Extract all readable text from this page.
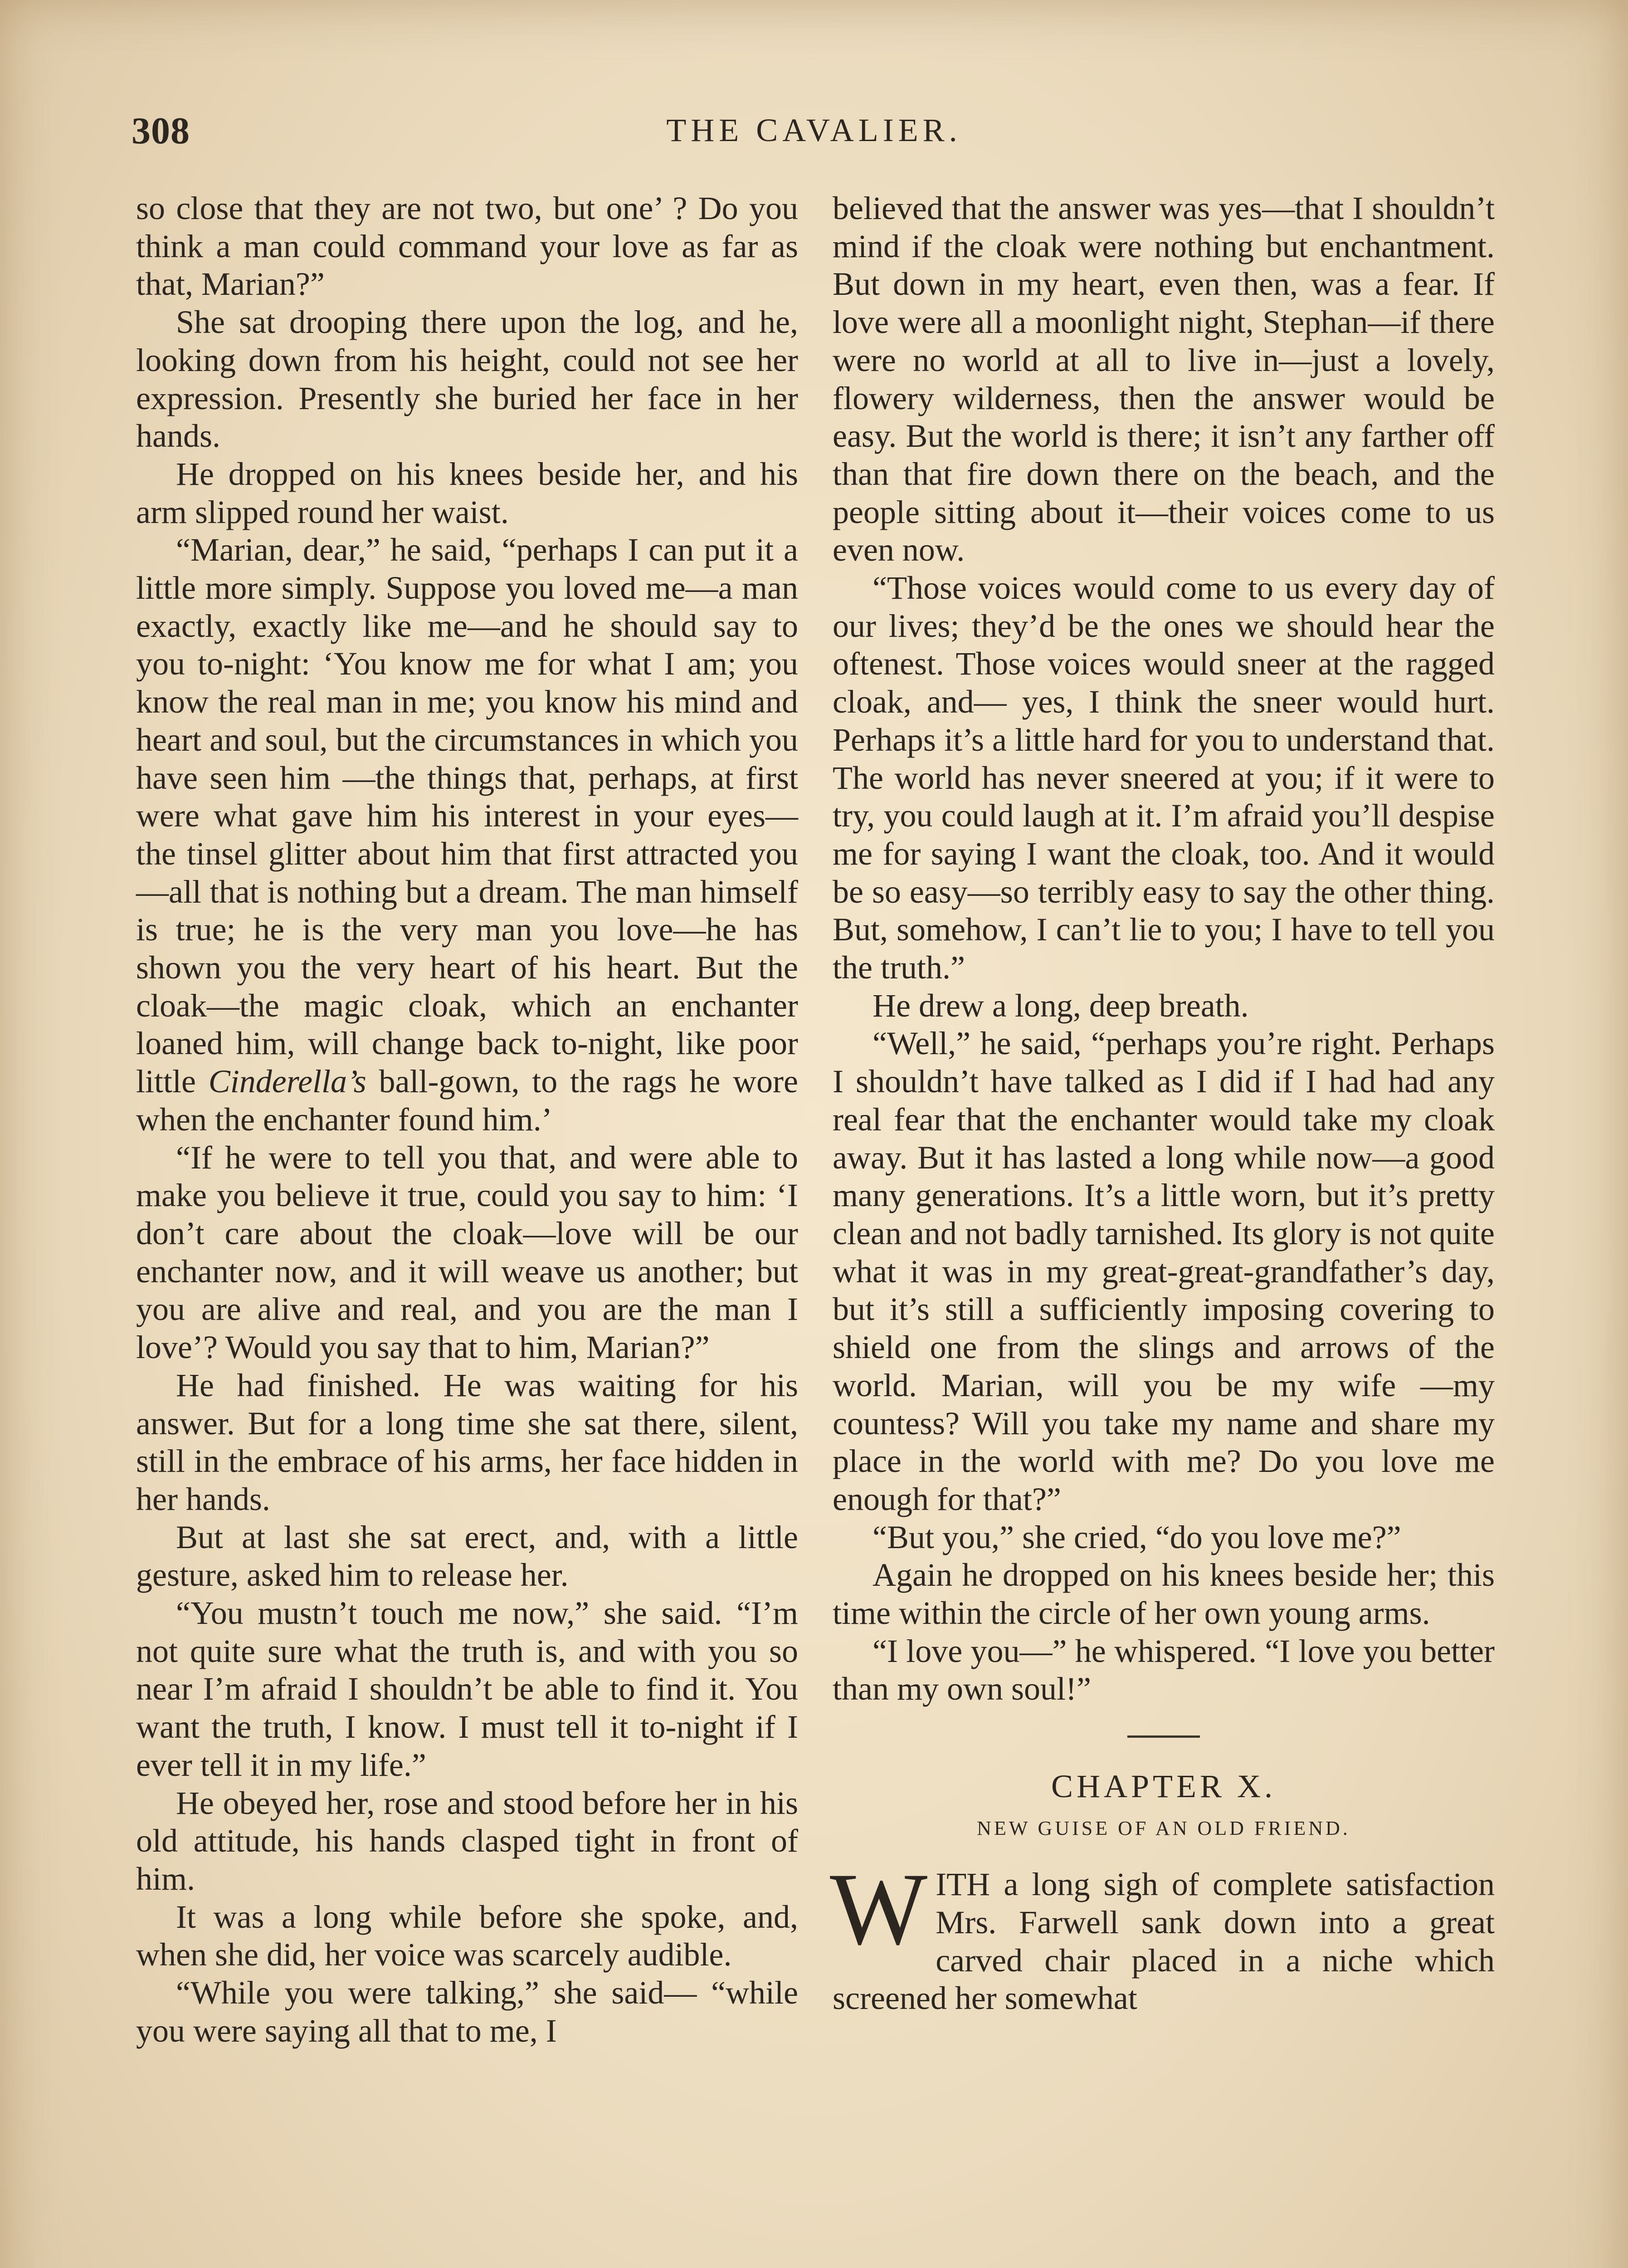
308	THE CAVALIER.

so close that they are not two, but one’ ? Do you think a man could command your love as far as that, Marian?”

She sat drooping there upon the log, and he, looking down from his height, could not see her expression. Presently she buried her face in her hands.

He dropped on his knees beside her, and his arm slipped round her waist.

“Marian, dear,” he said, “perhaps I can put it a little more simply. Suppose you loved me—a man exactly, exactly like me—and he should say to you to-night: ‘You know me for what I am; you know the real man in me; you know his mind and heart and soul, but the circumstances in which you have seen him —the things that, perhaps, at first were what gave him his interest in your eyes— the tinsel glitter about him that first attracted you—all that is nothing but a dream. The man himself is true; he is the very man you love—he has shown you the very heart of his heart. But the cloak—the magic cloak, which an enchanter loaned him, will change back to-night, like poor little Cinderella’s ball-gown, to the rags he wore when the enchanter found him.’

“If he were to tell you that, and were able to make you believe it true, could you say to him: ‘I don’t care about the cloak—love will be our enchanter now, and it will weave us another; but you are alive and real, and you are the man I love’? Would you say that to him, Marian?”

He had finished. He was waiting for his answer. But for a long time she sat there, silent, still in the embrace of his arms, her face hidden in her hands.

But at last she sat erect, and, with a little gesture, asked him to release her.

“You mustn’t touch me now,” she said. “I’m not quite sure what the truth is, and with you so near I’m afraid I shouldn’t be able to find it. You want the truth, I know. I must tell it to-night if I ever tell it in my life.”

He obeyed her, rose and stood before her in his old attitude, his hands clasped tight in front of him.

It was a long while before she spoke, and, when she did, her voice was scarcely audible.

“While you were talking,” she said— “while you were saying all that to me, I

believed that the answer was yes—that I shouldn’t mind if the cloak were nothing but enchantment. But down in my heart, even then, was a fear. If love were all a moonlight night, Stephan—if there were no world at all to live in—just a lovely, flowery wilderness, then the answer would be easy. But the world is there; it isn’t any farther off than that fire down there on the beach, and the people sitting about it—their voices come to us even now.

“Those voices would come to us every day of our lives; they’d be the ones we should hear the oftenest. Those voices would sneer at the ragged cloak, and— yes, I think the sneer would hurt. Perhaps it’s a little hard for you to understand that. The world has never sneered at you; if it were to try, you could laugh at it. I’m afraid you’ll despise me for saying I want the cloak, too. And it would be so easy—so terribly easy to say the other thing. But, somehow, I can’t lie to you; I have to tell you the truth.”

He drew a long, deep breath.

“Well,” he said, “perhaps you’re right. Perhaps I shouldn’t have talked as I did if I had had any real fear that the enchanter would take my cloak away. But it has lasted a long while now—a good many generations. It’s a little worn, but it’s pretty clean and not badly tarnished. Its glory is not quite what it was in my great-great-grandfather’s day, but it’s still a sufficiently imposing covering to shield one from the slings and arrows of the world. Marian, will you be my wife —my countess? Will you take my name and share my place in the world with me? Do you love me enough for that?”

“But you,” she cried, “do you love me?”

Again he dropped on his knees beside her; this time within the circle of her own young arms.

“I love you—” he whispered. “I love you better than my own soul!”

CHAPTER X.
NEW GUISE OF AN OLD FRIEND.

WITH a long sigh of complete satisfaction Mrs. Farwell sank down into a great carved chair placed in a niche which screened her somewhat
